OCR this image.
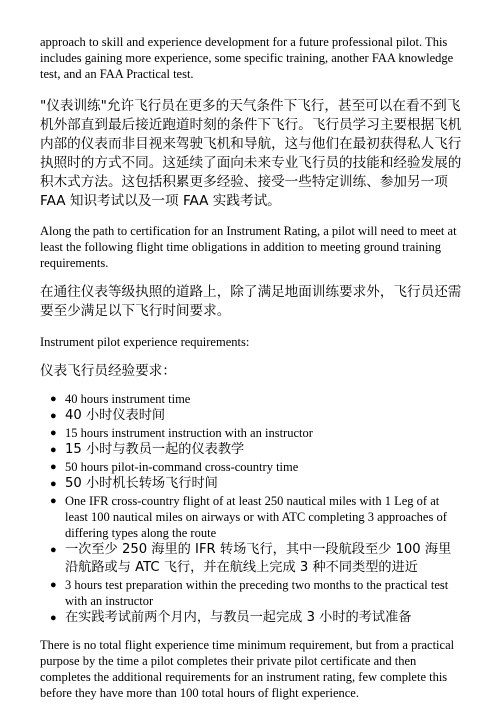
approach to skill and experience development for a future professional pilot. This includes gaining more experience, some specific training, another FAA knowledge test, and an FAA Practical test.

"仪表训练"允许飞行员在更多的天气条件下飞行，甚至可以在看不到飞机外部直到最后接近跑道时刻的条件下飞行。飞行员学习主要根据飞机内部的仪表而非目视来驾驶飞机和导航，这与他们在最初获得私人飞行执照时的方式不同。这延续了面向未来专业飞行员的技能和经验发展的积木式方法。这包括积累更多经验、接受一些特定训练、参加另一项 FAA 知识考试以及一项 FAA 实践考试。

Along the path to certification for an Instrument Rating, a pilot will need to meet at least the following flight time obligations in addition to meeting ground training requirements.

在通往仪表等级执照的道路上，除了满足地面训练要求外，飞行员还需要至少满足以下飞行时间要求。

Instrument pilot experience requirements:

仪表飞行员经验要求：

● 40 hours instrument time
● 40 小时仪表时间
● 15 hours instrument instruction with an instructor
● 15 小时与教员一起的仪表教学
● 50 hours pilot-in-command cross-country time
● 50 小时机长转场飞行时间
● One IFR cross-country flight of at least 250 nautical miles with 1 Leg of at least 100 nautical miles on airways or with ATC completing 3 approaches of differing types along the route
● 一次至少 250 海里的 IFR 转场飞行，其中一段航段至少 100 海里沿航路或与 ATC 飞行，并在航线上完成 3 种不同类型的进近
● 3 hours test preparation within the preceding two months to the practical test with an instructor
● 在实践考试前两个月内，与教员一起完成 3 小时的考试准备

There is no total flight experience time minimum requirement, but from a practical purpose by the time a pilot completes their private pilot certificate and then completes the additional requirements for an instrument rating, few complete this before they have more than 100 total hours of flight experience.
